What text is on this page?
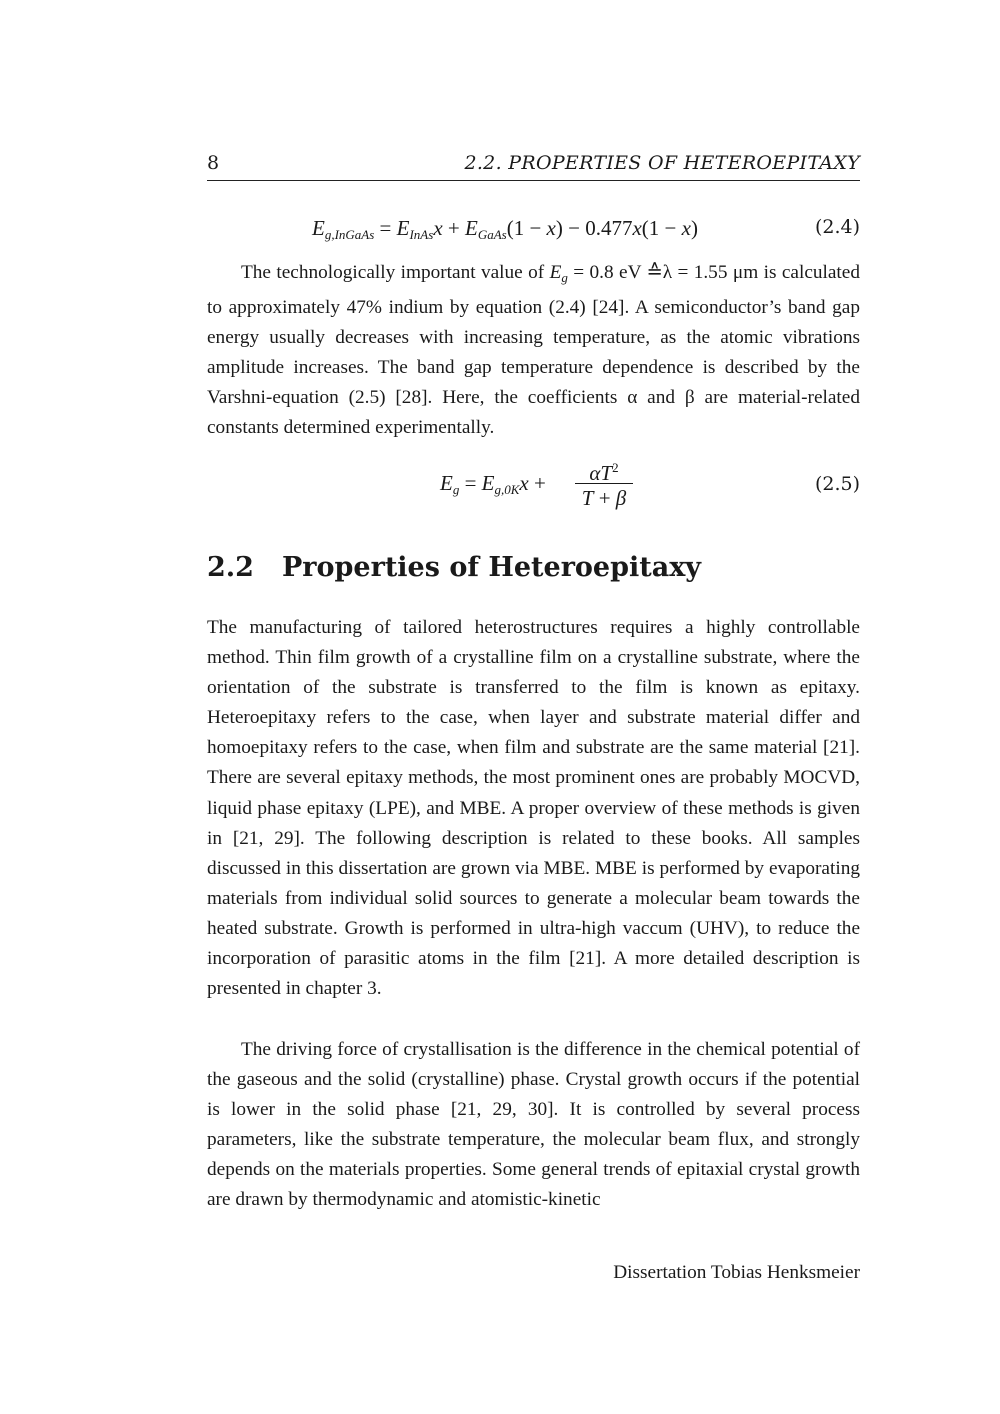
8	2.2. PROPERTIES OF HETEROEPITAXY
$E_{g,InGaAs} = E_{InAs}x + E_{GaAs}(1 - x) - 0.477x(1 - x)$	(2.4)

The technologically important value of $E_g = 0.8$ eV ≙λ = 1.55 μm is calculated to approximately 47% indium by equation (2.4) [24]. A semiconductor’s band gap energy usually decreases with increasing temperature, as the atomic vibrations amplitude increases. The band gap temperature dependence is described by the Varshni-equation (2.5) [28]. Here, the coefficients α and β are material-related constants determined experimentally.

$E_g = E_{g,0K}x$ +	$\alpha T^2$
T + β
(2.5)
2.2 Properties of Heteroepitaxy

The manufacturing of tailored heterostructures requires a highly controllable method. Thin film growth of a crystalline film on a crystalline substrate, where the orientation of the substrate is transferred to the film is known as epitaxy. Heteroepitaxy refers to the case, when layer and substrate material differ and homoepitaxy refers to the case, when film and substrate are the same material [21]. There are several epitaxy methods, the most prominent ones are probably MOCVD, liquid phase epitaxy (LPE), and MBE. A proper overview of these methods is given in [21, 29]. The following description is related to these books. All samples discussed in this dissertation are grown via MBE. MBE is performed by evaporating materials from individual solid sources to generate a molecular beam towards the heated substrate. Growth is performed in ultra-high vaccum (UHV), to reduce the incorporation of parasitic atoms in the film [21]. A more detailed description is presented in chapter 3.

The driving force of crystallisation is the difference in the chemical potential of the gaseous and the solid (crystalline) phase. Crystal growth occurs if the potential is lower in the solid phase [21, 29, 30]. It is controlled by several process parameters, like the substrate temperature, the molecular beam flux, and strongly depends on the materials properties. Some general trends of epitaxial crystal growth are drawn by thermodynamic and atomistic-kinetic

Dissertation Tobias Henksmeier
